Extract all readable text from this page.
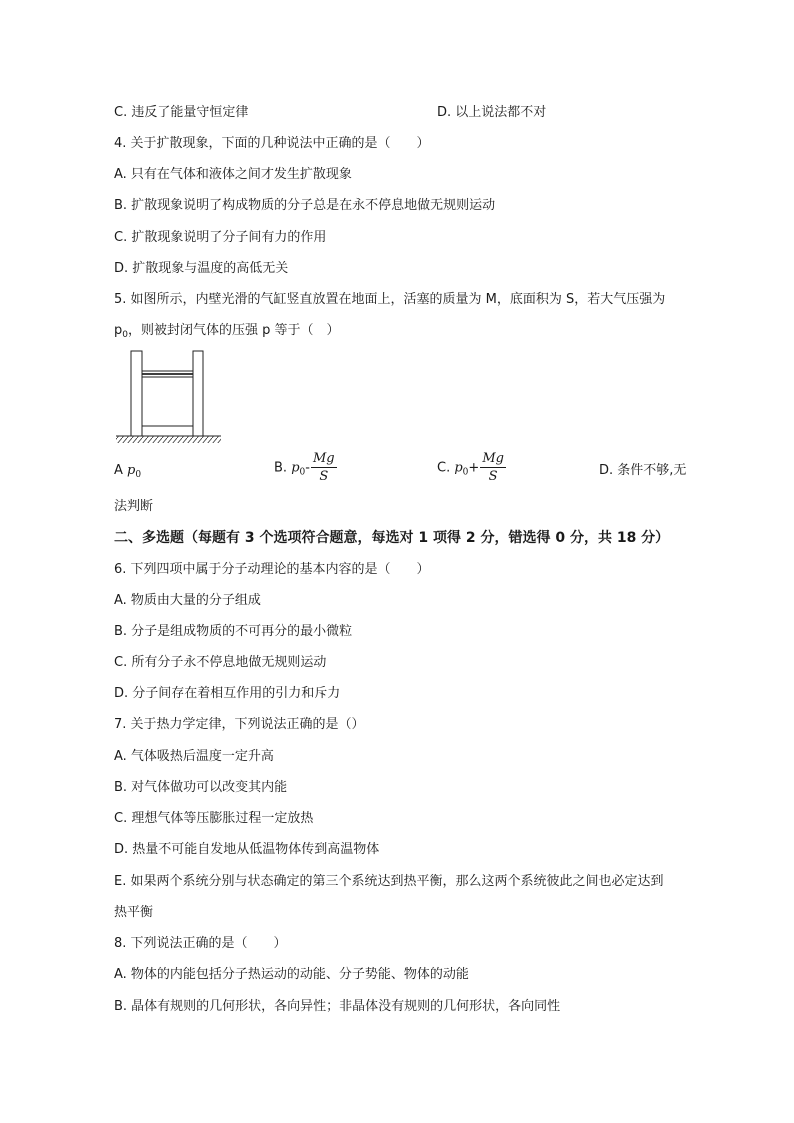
C. 违反了能量守恒定律	D. 以上说法都不对
4. 关于扩散现象，下面的几种说法中正确的是（　　）
A. 只有在气体和液体之间才发生扩散现象
B. 扩散现象说明了构成物质的分子总是在永不停息地做无规则运动
C. 扩散现象说明了分子间有力的作用
D. 扩散现象与温度的高低无关
5. 如图所示，内壁光滑的气缸竖直放置在地面上，活塞的质量为 M，底面积为 S，若大气压强为
$p_0$，则被封闭气体的压强 p 等于（　）
A $p_0$	B. $p_0- \frac{Mg}{S}$	C. $p_0+ \frac{Mg}{S}$	D. 条件不够,无
法判断
二、多选题（每题有 3 个选项符合题意，每选对 1 项得 2 分，错选得 0 分，共 18 分）
6. 下列四项中属于分子动理论的基本内容的是（　　）
A. 物质由大量的分子组成
B. 分子是组成物质的不可再分的最小微粒
C. 所有分子永不停息地做无规则运动
D. 分子间存在着相互作用的引力和斥力
7. 关于热力学定律，下列说法正确的是（）
A. 气体吸热后温度一定升高
B. 对气体做功可以改变其内能
C. 理想气体等压膨胀过程一定放热
D. 热量不可能自发地从低温物体传到高温物体
E. 如果两个系统分别与状态确定的第三个系统达到热平衡，那么这两个系统彼此之间也必定达到
热平衡
8. 下列说法正确的是（　　）
A. 物体的内能包括分子热运动的动能、分子势能、物体的动能
B. 晶体有规则的几何形状，各向异性；非晶体没有规则的几何形状，各向同性
